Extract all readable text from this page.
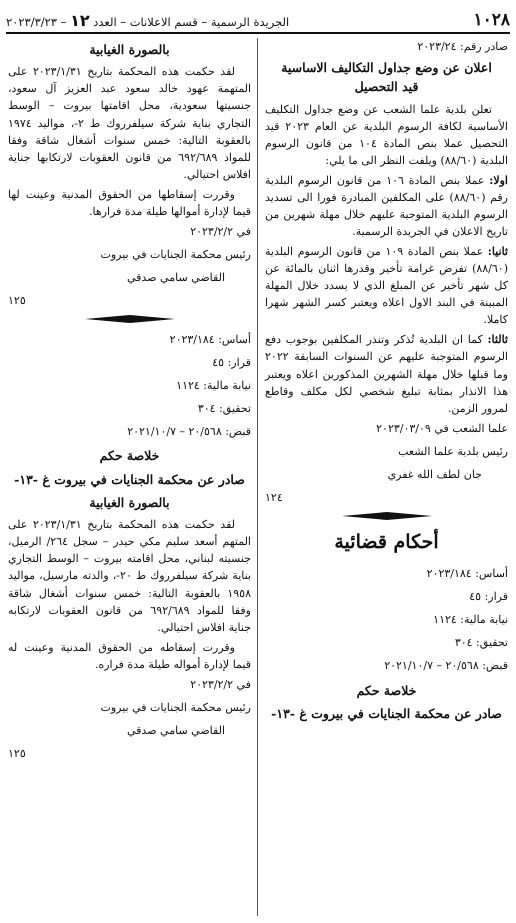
١٠٢٨
الجريدة الرسمية – قسم الاعلانات – العدد ١٢ – ٢٠٢٣/٣/٢٣

صادر رقم: ٢٠٢٣/٢٤

اعلان عن وضع جداول التكاليف الاساسية
قيد التحصيل

تعلن بلدية علما الشعب عن وضع جداول التكليف الأساسية لكافة الرسوم البلدية عن العام ٢٠٢٣ قيد التحصيل عملا بنص المادة ١٠٤ من قانون الرسوم البلدية (٨٨/٦٠) ويلفت النظر الى ما يلي:

اولا: عملا بنص المادة ١٠٦ من قانون الرسوم البلدية رقم (٨٨/٦٠) على المكلفين المبادرة فورا الى تسديد الرسوم البلدية المتوجبة عليهم خلال مهلة شهرين من تاريخ الاعلان في الجريدة الرسمية.

ثانيا: عملا بنص المادة ١٠٩ من قانون الرسوم البلدية (٨٨/٦٠) تفرض غرامة تأخير وقدرها اثنان بالمائة عن كل شهر تأخير عن المبلغ الذي لا يسدد خلال المهلة المبينة في البند الاول اعلاه ويعتبر كسر الشهر شهرا كاملا.

ثالثا: كما ان البلدية تُذكر وتنذر المكلفين بوجوب دفع الرسوم المتوجبة عليهم عن السنوات السابقة ٢٠٢٢ وما قبلها خلال مهلة الشهرين المذكورين اعلاه ويعتبر هذا الانذار بمثابة تبليغ شخصي لكل مكلف وقاطع لمرور الزمن.

علما الشعب في ٢٠٢٣/٠٣/٠٩

رئيس بلدية علما الشعب

جان لطف الله غفري

١٢٤

أحكام قضائية

أساس: ٢٠٢٣/١٨٤

قرار: ٤٥

نيابة مالية: ١١٢٤

تحقيق: ٣٠٤

قبض: ٢٠/٥٦٨ – ٢٠٢١/١٠/٧

خلاصة حكم
صادر عن محكمة الجنايات في بيروت غ -١٣-
بالصورة الغيابية

لقد حكمت هذه المحكمة بتاريخ ٢٠٢٣/١/٣١ على المتهمة عهود خالد سعود عبد العزيز آل سعود، جنسيتها سعودية، محل اقامتها بيروت – الوسط التجاري بناية شركة سيلفرروك ط ٢-، مواليد ١٩٧٤ بالعقوبة التالية: خمس سنوات أشغال شاقة وفقا للمواد ٦٩٢/٦٨٩ من قانون العقوبات لارتكابها جناية افلاس احتيالي.

وقررت إسقاطها من الحقوق المدنية وعينت لها قيما لإدارة أموالها طيلة مدة فرارها.

في ٢٠٢٣/٢/٢

رئيس محكمة الجنايات في بيروت

القاضي سامي صدقي

١٢٥

أساس: ٢٠٢٣/١٨٤

قرار: ٤٥

نيابة مالية: ١١٢٤

تحقيق: ٣٠٤

قبض: ٢٠/٥٦٨ – ٢٠٢١/١٠/٧

خلاصة حكم
صادر عن محكمة الجنايات في بيروت غ -١٣-
بالصورة الغيابية

لقد حكمت هذه المحكمة بتاريخ ٢٠٢٣/١/٣١ على المتهم أسعد سليم مكي حيدر – سجل ٢٦٤/ الرميل، جنسيته لبناني، محل اقامته بيروت – الوسط التجاري بناية شركة سيلفرروك ط ٢٠-، والدته مارسيل، مواليد ١٩٥٨ بالعقوبة التالية: خمس سنوات أشغال شاقة وفقا للمواد ٦٩٢/٦٨٩ من قانون العقوبات لارتكابه جناية افلاس احتيالي.

وقررت إسقاطه من الحقوق المدنية وعينت له قيما لإدارة أمواله طيلة مدة فراره.

في ٢٠٢٣/٢/٢

رئيس محكمة الجنايات في بيروت

القاضي سامي صدقي

١٢٥
